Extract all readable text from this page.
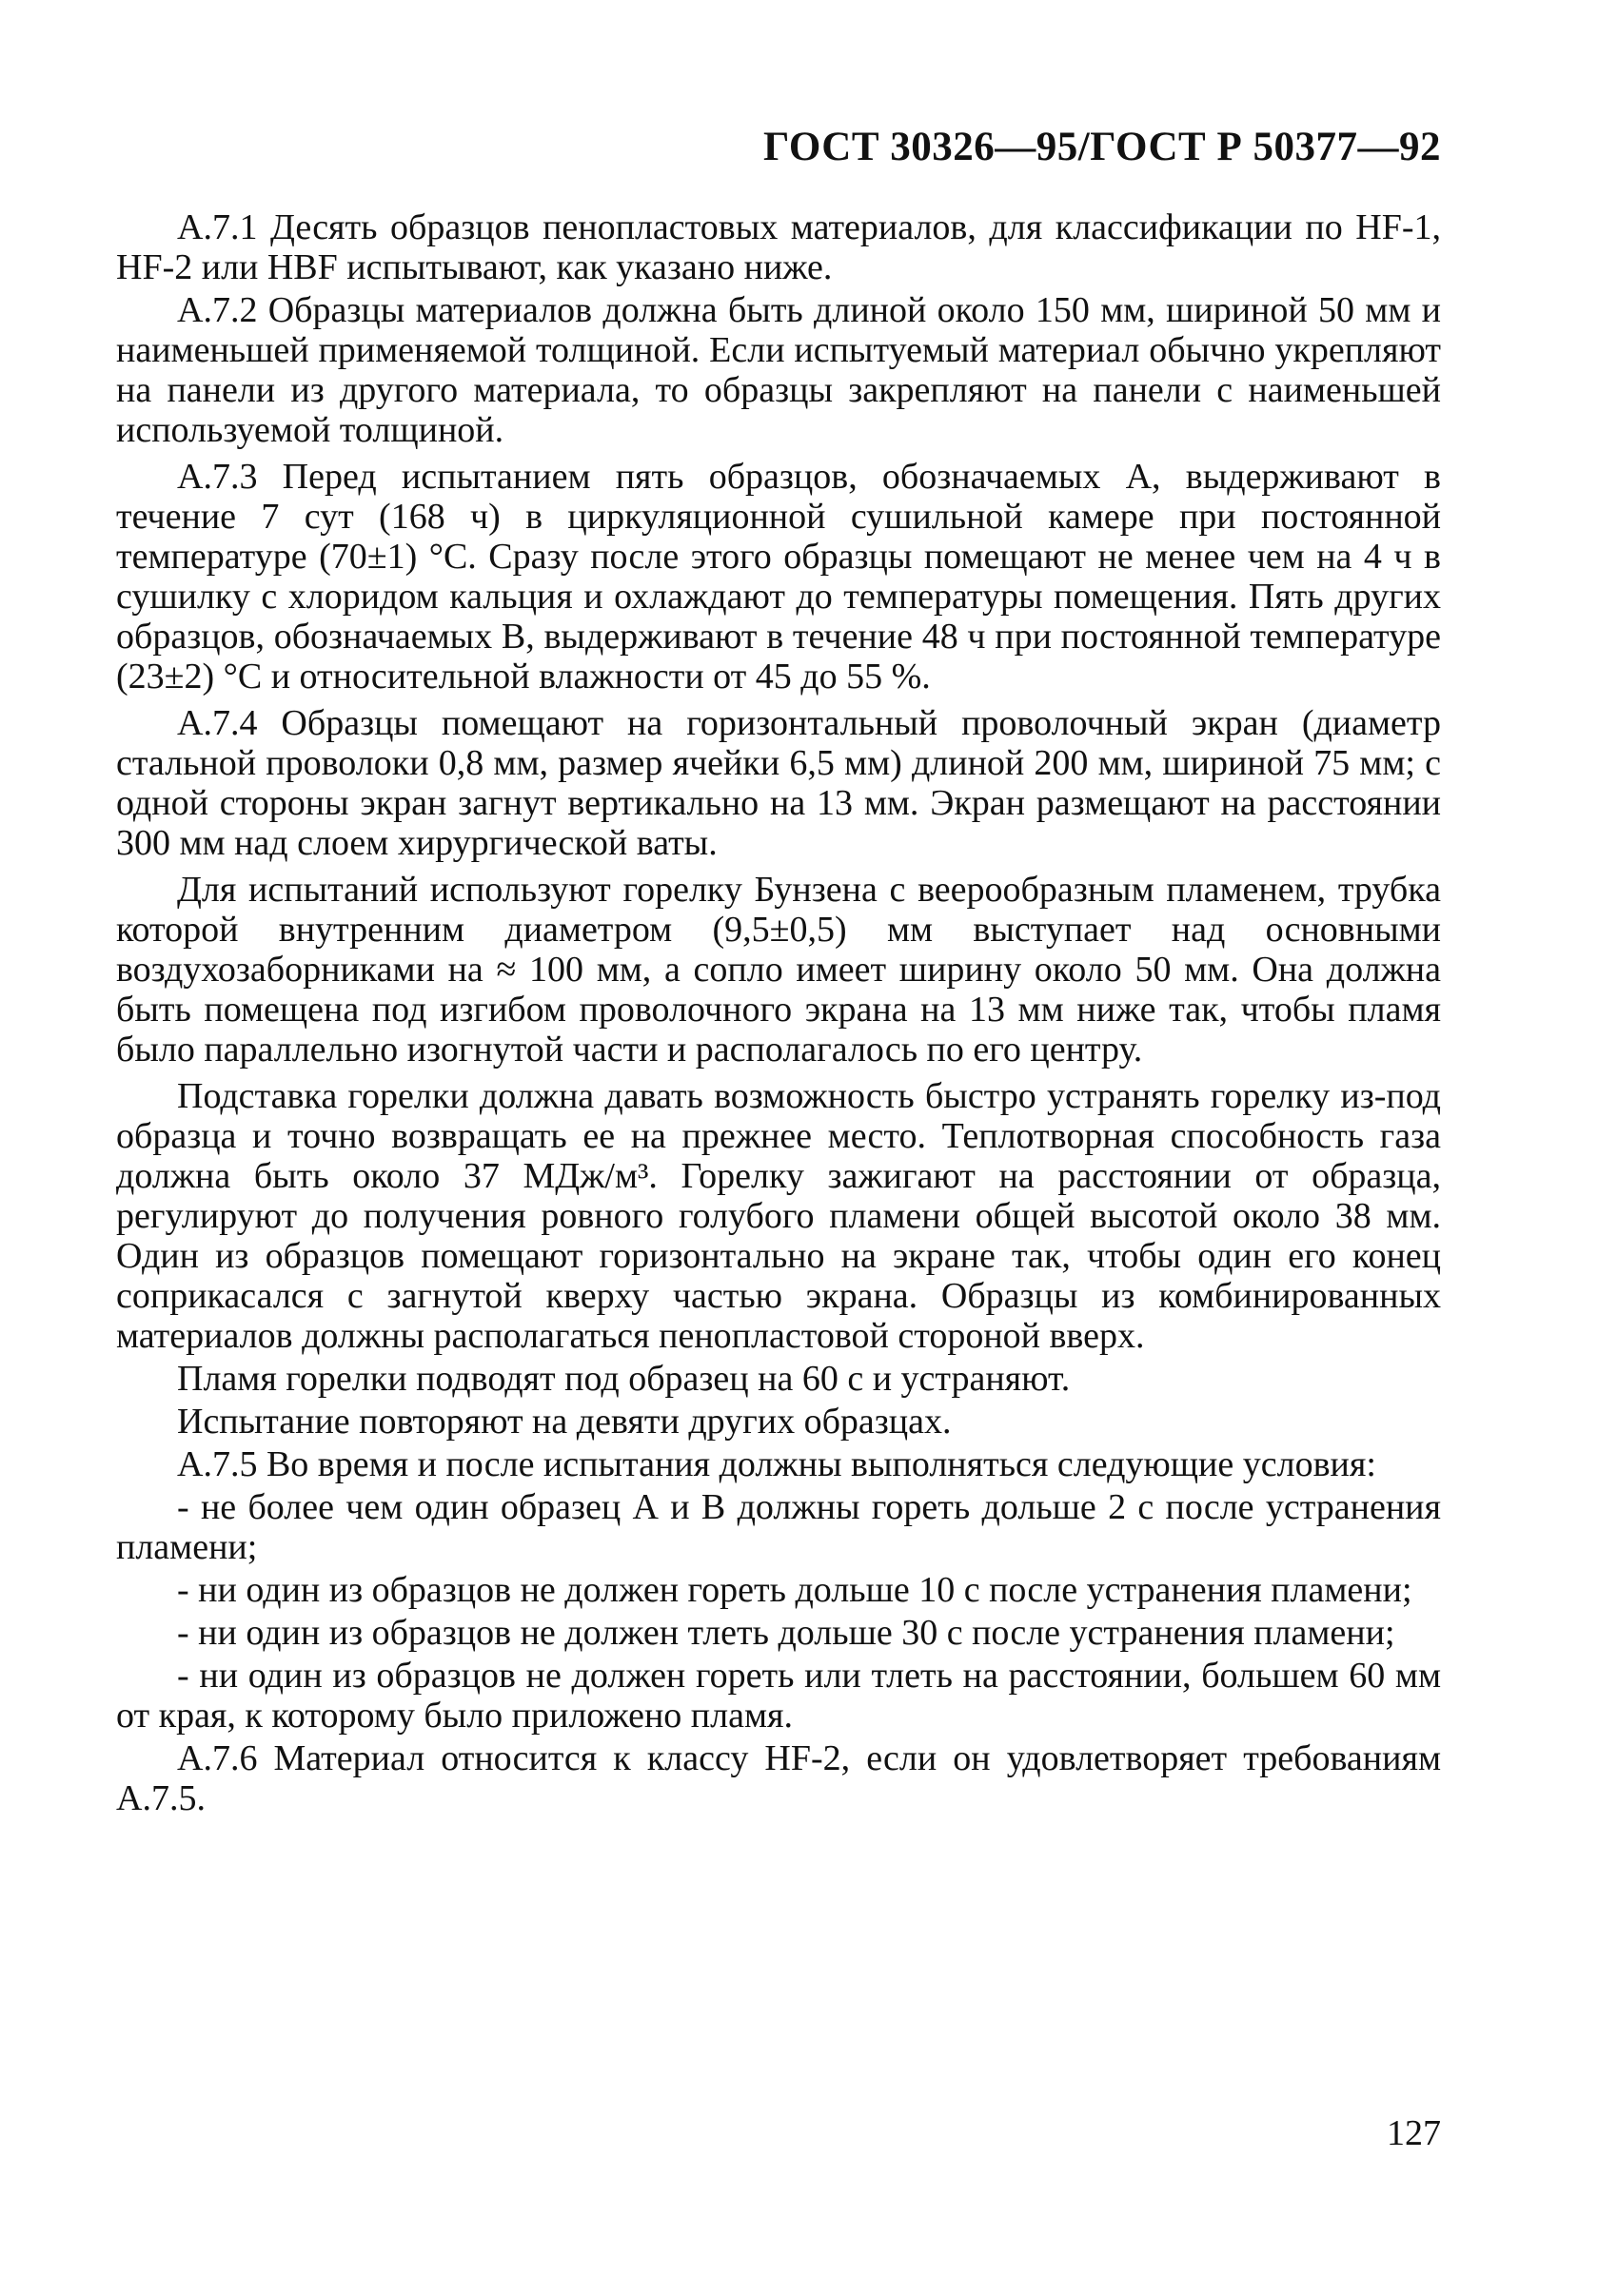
ГОСТ 30326—95/ГОСТ Р 50377—92

А.7.1 Десять образцов пенопластовых материалов, для классификации по HF-1, HF-2 или HBF испытывают, как указано ниже.

А.7.2 Образцы материалов должна быть длиной около 150 мм, шириной 50 мм и наименьшей применяемой толщиной. Если испытуемый материал обычно укрепляют на панели из другого материала, то образцы закрепляют на панели с наименьшей используемой толщиной.

А.7.3 Перед испытанием пять образцов, обозначаемых А, выдерживают в течение 7 сут (168 ч) в циркуляционной сушильной камере при постоянной температуре (70±1) °С. Сразу после этого образцы помещают не менее чем на 4 ч в сушилку с хлоридом кальция и охлаждают до температуры помещения. Пять других образцов, обозначаемых В, выдерживают в течение 48 ч при постоянной температуре (23±2) °С и относительной влажности от 45 до 55 %.

А.7.4 Образцы помещают на горизонтальный проволочный экран (диаметр стальной проволоки 0,8 мм, размер ячейки 6,5 мм) длиной 200 мм, шириной 75 мм; с одной стороны экран загнут вертикально на 13 мм. Экран размещают на расстоянии 300 мм над слоем хирургической ваты.

Для испытаний используют горелку Бунзена с веерообразным пламенем, трубка которой внутренним диаметром (9,5±0,5) мм выступает над основными воздухозаборниками на ≈ 100 мм, а сопло имеет ширину около 50 мм. Она должна быть помещена под изгибом проволочного экрана на 13 мм ниже так, чтобы пламя было параллельно изогнутой части и располагалось по его центру.

Подставка горелки должна давать возможность быстро устранять горелку из-под образца и точно возвращать ее на прежнее место. Теплотворная способность газа должна быть около 37 МДж/м³. Горелку зажигают на расстоянии от образца, регулируют до получения ровного голубого пламени общей высотой около 38 мм. Один из образцов помещают горизонтально на экране так, чтобы один его конец соприкасался с загнутой кверху частью экрана. Образцы из комбинированных материалов должны располагаться пенопластовой стороной вверх.

Пламя горелки подводят под образец на 60 с и устраняют.

Испытание повторяют на девяти других образцах.

А.7.5 Во время и после испытания должны выполняться следующие условия:

- не более чем один образец А и В должны гореть дольше 2 с после устранения пламени;

- ни один из образцов не должен гореть дольше 10 с после устранения пламени;

- ни один из образцов не должен тлеть дольше 30 с после устранения пламени;

- ни один из образцов не должен гореть или тлеть на расстоянии, большем 60 мм от края, к которому было приложено пламя.

А.7.6 Материал относится к классу HF-2, если он удовлетворяет требованиям А.7.5.

127
